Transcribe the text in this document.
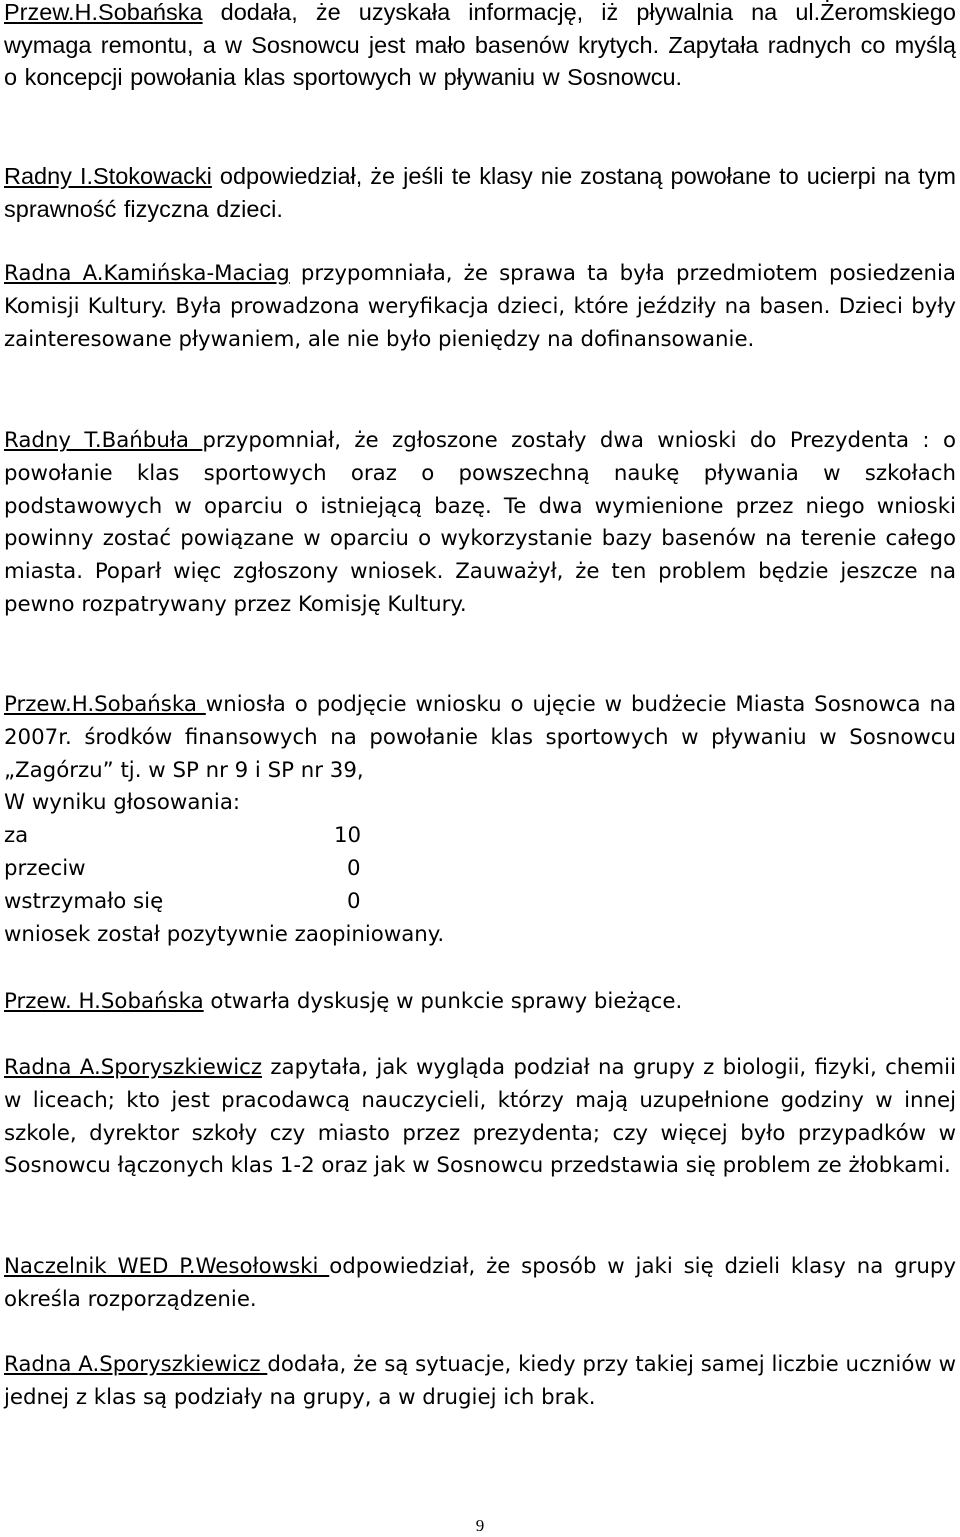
Przew.H.Sobańska dodała, że uzyskała informację, iż pływalnia na ul.Żeromskiego wymaga remontu, a w Sosnowcu jest mało basenów krytych. Zapytała radnych co myślą o koncepcji powołania klas sportowych w pływaniu w Sosnowcu.

Radny I.Stokowacki odpowiedział, że jeśli te klasy nie zostaną powołane to ucierpi na tym sprawność fizyczna dzieci.

Radna A.Kamińska-Maciag przypomniała, że sprawa ta była przedmiotem posiedzenia Komisji Kultury. Była prowadzona weryfikacja dzieci, które jeździły na basen. Dzieci były zainteresowane pływaniem, ale nie było pieniędzy na dofinansowanie.

Radny T.Bańbuła przypomniał, że zgłoszone zostały dwa wnioski do Prezydenta : o powołanie klas sportowych oraz o powszechną naukę pływania w szkołach podstawowych w oparciu o istniejącą bazę. Te dwa wymienione przez niego wnioski powinny zostać powiązane w oparciu o wykorzystanie bazy basenów na terenie całego miasta. Poparł więc zgłoszony wniosek. Zauważył, że ten problem będzie jeszcze na pewno rozpatrywany przez Komisję Kultury.

Przew.H.Sobańska wniosła o podjęcie wniosku o ujęcie w budżecie Miasta Sosnowca na 2007r. środków finansowych na powołanie klas sportowych w pływaniu w Sosnowcu „Zagórzu” tj. w SP nr 9 i SP nr 39,

W wyniku głosowania:

za	10

przeciw	0

wstrzymało się	0

wniosek został pozytywnie zaopiniowany.

Przew. H.Sobańska otwarła dyskusję w punkcie sprawy bieżące.

Radna A.Sporyszkiewicz zapytała, jak wygląda podział na grupy z biologii, fizyki, chemii w liceach; kto jest pracodawcą nauczycieli, którzy mają uzupełnione godziny w innej szkole, dyrektor szkoły czy miasto przez prezydenta; czy więcej było przypadków w Sosnowcu łączonych klas 1-2 oraz jak w Sosnowcu przedstawia się problem ze żłobkami.

Naczelnik WED P.Wesołowski odpowiedział, że sposób w jaki się dzieli klasy na grupy określa rozporządzenie.

Radna A.Sporyszkiewicz dodała, że są sytuacje, kiedy przy takiej samej liczbie uczniów w jednej z klas są podziały na grupy, a w drugiej ich brak.

9
